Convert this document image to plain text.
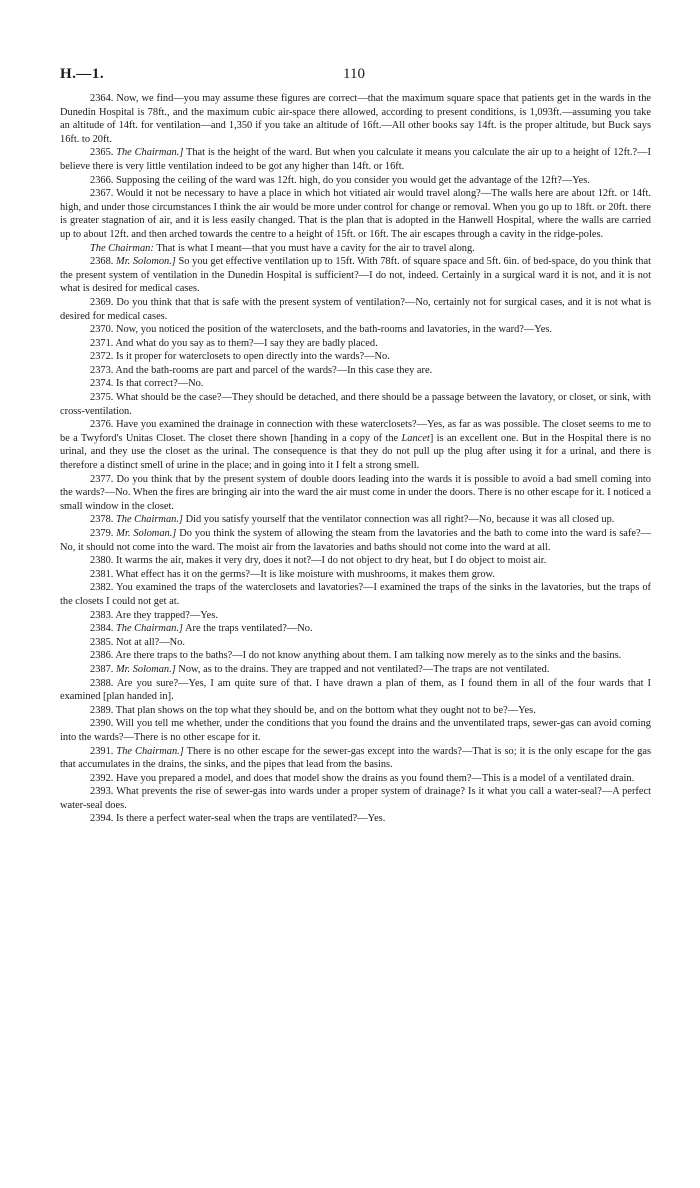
H.—1.	110

2364. Now, we find—you may assume these figures are correct—that the maximum square space that patients get in the wards in the Dunedin Hospital is 78ft., and the maximum cubic air-space there allowed, according to present conditions, is 1,093ft.—assuming you take an altitude of 14ft. for ventilation—and 1,350 if you take an altitude of 16ft.—All other books say 14ft. is the proper altitude, but Buck says 16ft. to 20ft.

2365. The Chairman.] That is the height of the ward. But when you calculate it means you calculate the air up to a height of 12ft.?—I believe there is very little ventilation indeed to be got any higher than 14ft. or 16ft.

2366. Supposing the ceiling of the ward was 12ft. high, do you consider you would get the advantage of the 12ft?—Yes.

2367. Would it not be necessary to have a place in which hot vitiated air would travel along?—The walls here are about 12ft. or 14ft. high, and under those circumstances I think the air would be more under control for change or removal. When you go up to 18ft. or 20ft. there is greater stagnation of air, and it is less easily changed. That is the plan that is adopted in the Hanwell Hospital, where the walls are carried up to about 12ft. and then arched towards the centre to a height of 15ft. or 16ft. The air escapes through a cavity in the ridge-poles.

The Chairman: That is what I meant—that you must have a cavity for the air to travel along.

2368. Mr. Solomon.] So you get effective ventilation up to 15ft. With 78ft. of square space and 5ft. 6in. of bed-space, do you think that the present system of ventilation in the Dunedin Hospital is sufficient?—I do not, indeed. Certainly in a surgical ward it is not, and it is not what is desired for medical cases.

2369. Do you think that that is safe with the present system of ventilation?—No, certainly not for surgical cases, and it is not what is desired for medical cases.

2370. Now, you noticed the position of the waterclosets, and the bath-rooms and lavatories, in the ward?—Yes.

2371. And what do you say as to them?—I say they are badly placed.

2372. Is it proper for waterclosets to open directly into the wards?—No.

2373. And the bath-rooms are part and parcel of the wards?—In this case they are.

2374. Is that correct?—No.

2375. What should be the case?—They should be detached, and there should be a passage between the lavatory, or closet, or sink, with cross-ventilation.

2376. Have you examined the drainage in connection with these waterclosets?—Yes, as far as was possible. The closet seems to me to be a Twyford's Unitas Closet. The closet there shown [handing in a copy of the Lancet] is an excellent one. But in the Hospital there is no urinal, and they use the closet as the urinal. The consequence is that they do not pull up the plug after using it for a urinal, and there is therefore a distinct smell of urine in the place; and in going into it I felt a strong smell.

2377. Do you think that by the present system of double doors leading into the wards it is possible to avoid a bad smell coming into the wards?—No. When the fires are bringing air into the ward the air must come in under the doors. There is no other escape for it. I noticed a small window in the closet.

2378. The Chairman.] Did you satisfy yourself that the ventilator connection was all right?—No, because it was all closed up.

2379. Mr. Soloman.] Do you think the system of allowing the steam from the lavatories and the bath to come into the ward is safe?—No, it should not come into the ward. The moist air from the lavatories and baths should not come into the ward at all.

2380. It warms the air, makes it very dry, does it not?—I do not object to dry heat, but I do object to moist air.

2381. What effect has it on the germs?—It is like moisture with mushrooms, it makes them grow.

2382. You examined the traps of the waterclosets and lavatories?—I examined the traps of the sinks in the lavatories, but the traps of the closets I could not get at.

2383. Are they trapped?—Yes.

2384. The Chairman.] Are the traps ventilated?—No.

2385. Not at all?—No.

2386. Are there traps to the baths?—I do not know anything about them. I am talking now merely as to the sinks and the basins.

2387. Mr. Soloman.] Now, as to the drains. They are trapped and not ventilated?—The traps are not ventilated.

2388. Are you sure?—Yes, I am quite sure of that. I have drawn a plan of them, as I found them in all of the four wards that I examined [plan handed in].

2389. That plan shows on the top what they should be, and on the bottom what they ought not to be?—Yes.

2390. Will you tell me whether, under the conditions that you found the drains and the unventilated traps, sewer-gas can avoid coming into the wards?—There is no other escape for it.

2391. The Chairman.] There is no other escape for the sewer-gas except into the wards?—That is so; it is the only escape for the gas that accumulates in the drains, the sinks, and the pipes that lead from the basins.

2392. Have you prepared a model, and does that model show the drains as you found them?—This is a model of a ventilated drain.

2393. What prevents the rise of sewer-gas into wards under a proper system of drainage? Is it what you call a water-seal?—A perfect water-seal does.

2394. Is there a perfect water-seal when the traps are ventilated?—Yes.
